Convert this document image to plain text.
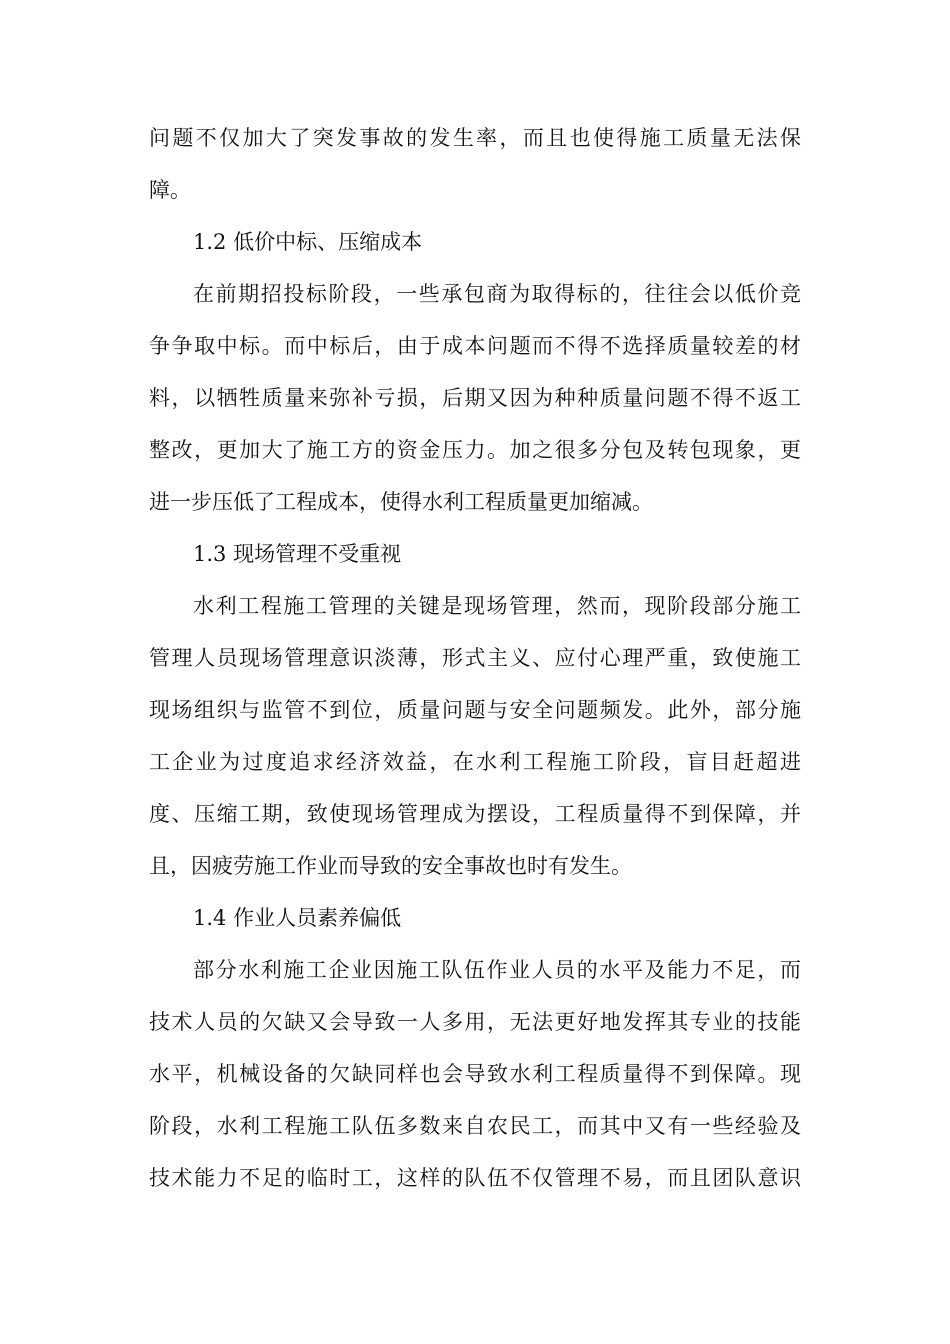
问题不仅加大了突发事故的发生率，而且也使得施工质量无法保
障。
1.2 低价中标、压缩成本
在前期招投标阶段，一些承包商为取得标的，往往会以低价竞
争争取中标。而中标后，由于成本问题而不得不选择质量较差的材
料，以牺牲质量来弥补亏损，后期又因为种种质量问题不得不返工
整改，更加大了施工方的资金压力。加之很多分包及转包现象，更
进一步压低了工程成本，使得水利工程质量更加缩减。
1.3 现场管理不受重视
水利工程施工管理的关键是现场管理，然而，现阶段部分施工
管理人员现场管理意识淡薄，形式主义、应付心理严重，致使施工
现场组织与监管不到位，质量问题与安全问题频发。此外，部分施
工企业为过度追求经济效益，在水利工程施工阶段，盲目赶超进
度、压缩工期，致使现场管理成为摆设，工程质量得不到保障，并
且，因疲劳施工作业而导致的安全事故也时有发生。
1.4 作业人员素养偏低
部分水利施工企业因施工队伍作业人员的水平及能力不足，而
技术人员的欠缺又会导致一人多用，无法更好地发挥其专业的技能
水平，机械设备的欠缺同样也会导致水利工程质量得不到保障。现
阶段，水利工程施工队伍多数来自农民工，而其中又有一些经验及
技术能力不足的临时工，这样的队伍不仅管理不易，而且团队意识
